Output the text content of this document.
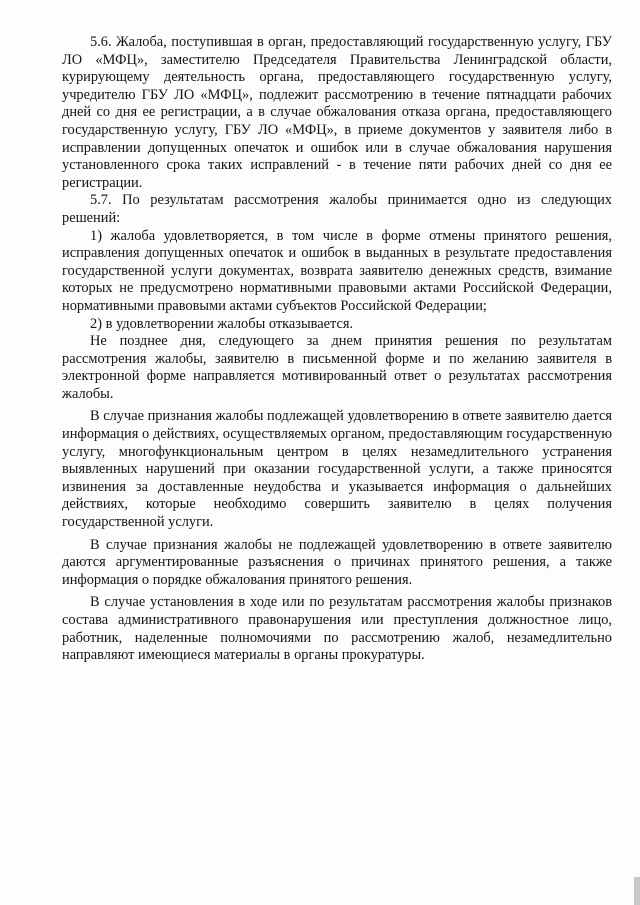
5.6. Жалоба, поступившая в орган, предоставляющий государственную услугу, ГБУ ЛО «МФЦ», заместителю Председателя Правительства Ленинградской области, курирующему деятельность органа, предоставляющего государственную услугу, учредителю ГБУ ЛО «МФЦ», подлежит рассмотрению в течение пятнадцати рабочих дней со дня ее регистрации, а в случае обжалования отказа органа, предоставляющего государственную услугу, ГБУ ЛО «МФЦ», в приеме документов у заявителя либо в исправлении допущенных опечаток и ошибок или в случае обжалования нарушения установленного срока таких исправлений - в течение пяти рабочих дней со дня ее регистрации.

5.7. По результатам рассмотрения жалобы принимается одно из следующих решений:

1) жалоба удовлетворяется, в том числе в форме отмены принятого решения, исправления допущенных опечаток и ошибок в выданных в результате предоставления государственной услуги документах, возврата заявителю денежных средств, взимание которых не предусмотрено нормативными правовыми актами Российской Федерации, нормативными правовыми актами субъектов Российской Федерации;

2) в удовлетворении жалобы отказывается.

Не позднее дня, следующего за днем принятия решения по результатам рассмотрения жалобы, заявителю в письменной форме и по желанию заявителя в электронной форме направляется мотивированный ответ о результатах рассмотрения жалобы.

В случае признания жалобы подлежащей удовлетворению в ответе заявителю дается информация о действиях, осуществляемых органом, предоставляющим государственную услугу, многофункциональным центром в целях незамедлительного устранения выявленных нарушений при оказании государственной услуги, а также приносятся извинения за доставленные неудобства и указывается информация о дальнейших действиях, которые необходимо совершить заявителю в целях получения государственной услуги.

В случае признания жалобы не подлежащей удовлетворению в ответе заявителю даются аргументированные разъяснения о причинах принятого решения, а также информация о порядке обжалования принятого решения.

В случае установления в ходе или по результатам рассмотрения жалобы признаков состава административного правонарушения или преступления должностное лицо, работник, наделенные полномочиями по рассмотрению жалоб, незамедлительно направляют имеющиеся материалы в органы прокуратуры.
